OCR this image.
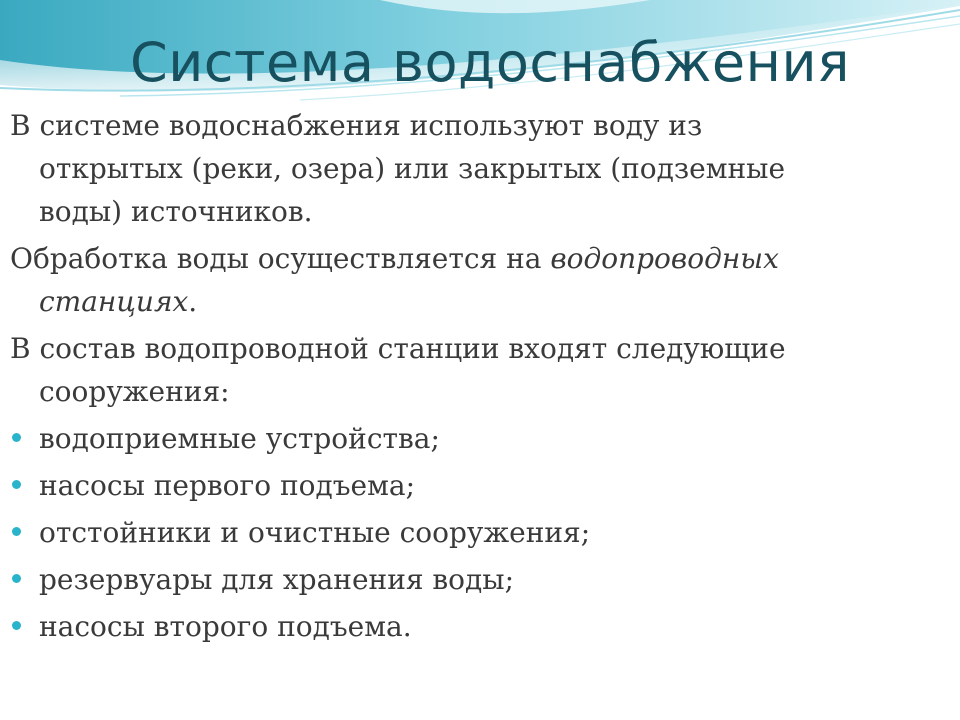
Система водоснабжения

В системе водоснабжения используют воду из открытых (реки, озера) или закрытых (подземные воды) источников.

Обработка воды осуществляется на водопроводных станциях.

В состав водопроводной станции входят следующие сооружения:

водоприемные устройства;
насосы первого подъема;
отстойники и очистные сооружения;
резервуары для хранения воды;
насосы второго подъема.
